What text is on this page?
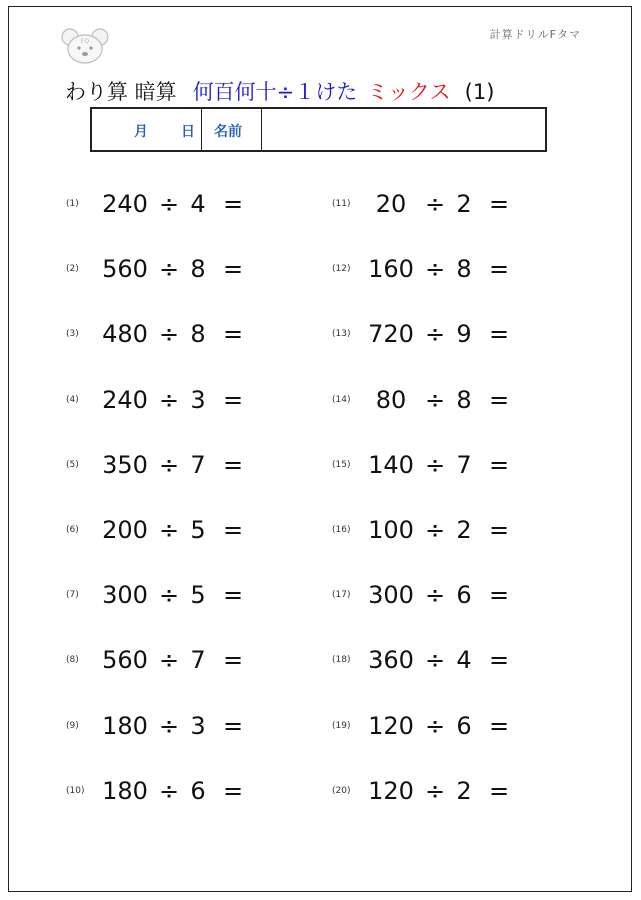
FQ
計算ドリルFタマ
わり算 暗算 何百何十÷１けた ミックス (1)
月 日	名前
(1) 240 ÷ 4 =
(2) 560 ÷ 8 =
(3) 480 ÷ 8 =
(4) 240 ÷ 3 =
(5) 350 ÷ 7 =
(6) 200 ÷ 5 =
(7) 300 ÷ 5 =
(8) 560 ÷ 7 =
(9) 180 ÷ 3 =
(10) 180 ÷ 6 =
(11)	20 ÷ 2 =
(12) 160 ÷ 8 =
(13) 720 ÷ 9 =
(14)	80 ÷ 8 =
(15) 140 ÷ 7 =
(16) 100 ÷ 2 =
(17) 300 ÷ 6 =
(18) 360 ÷ 4 =
(19) 120 ÷ 6 =
(20) 120 ÷ 2 =
